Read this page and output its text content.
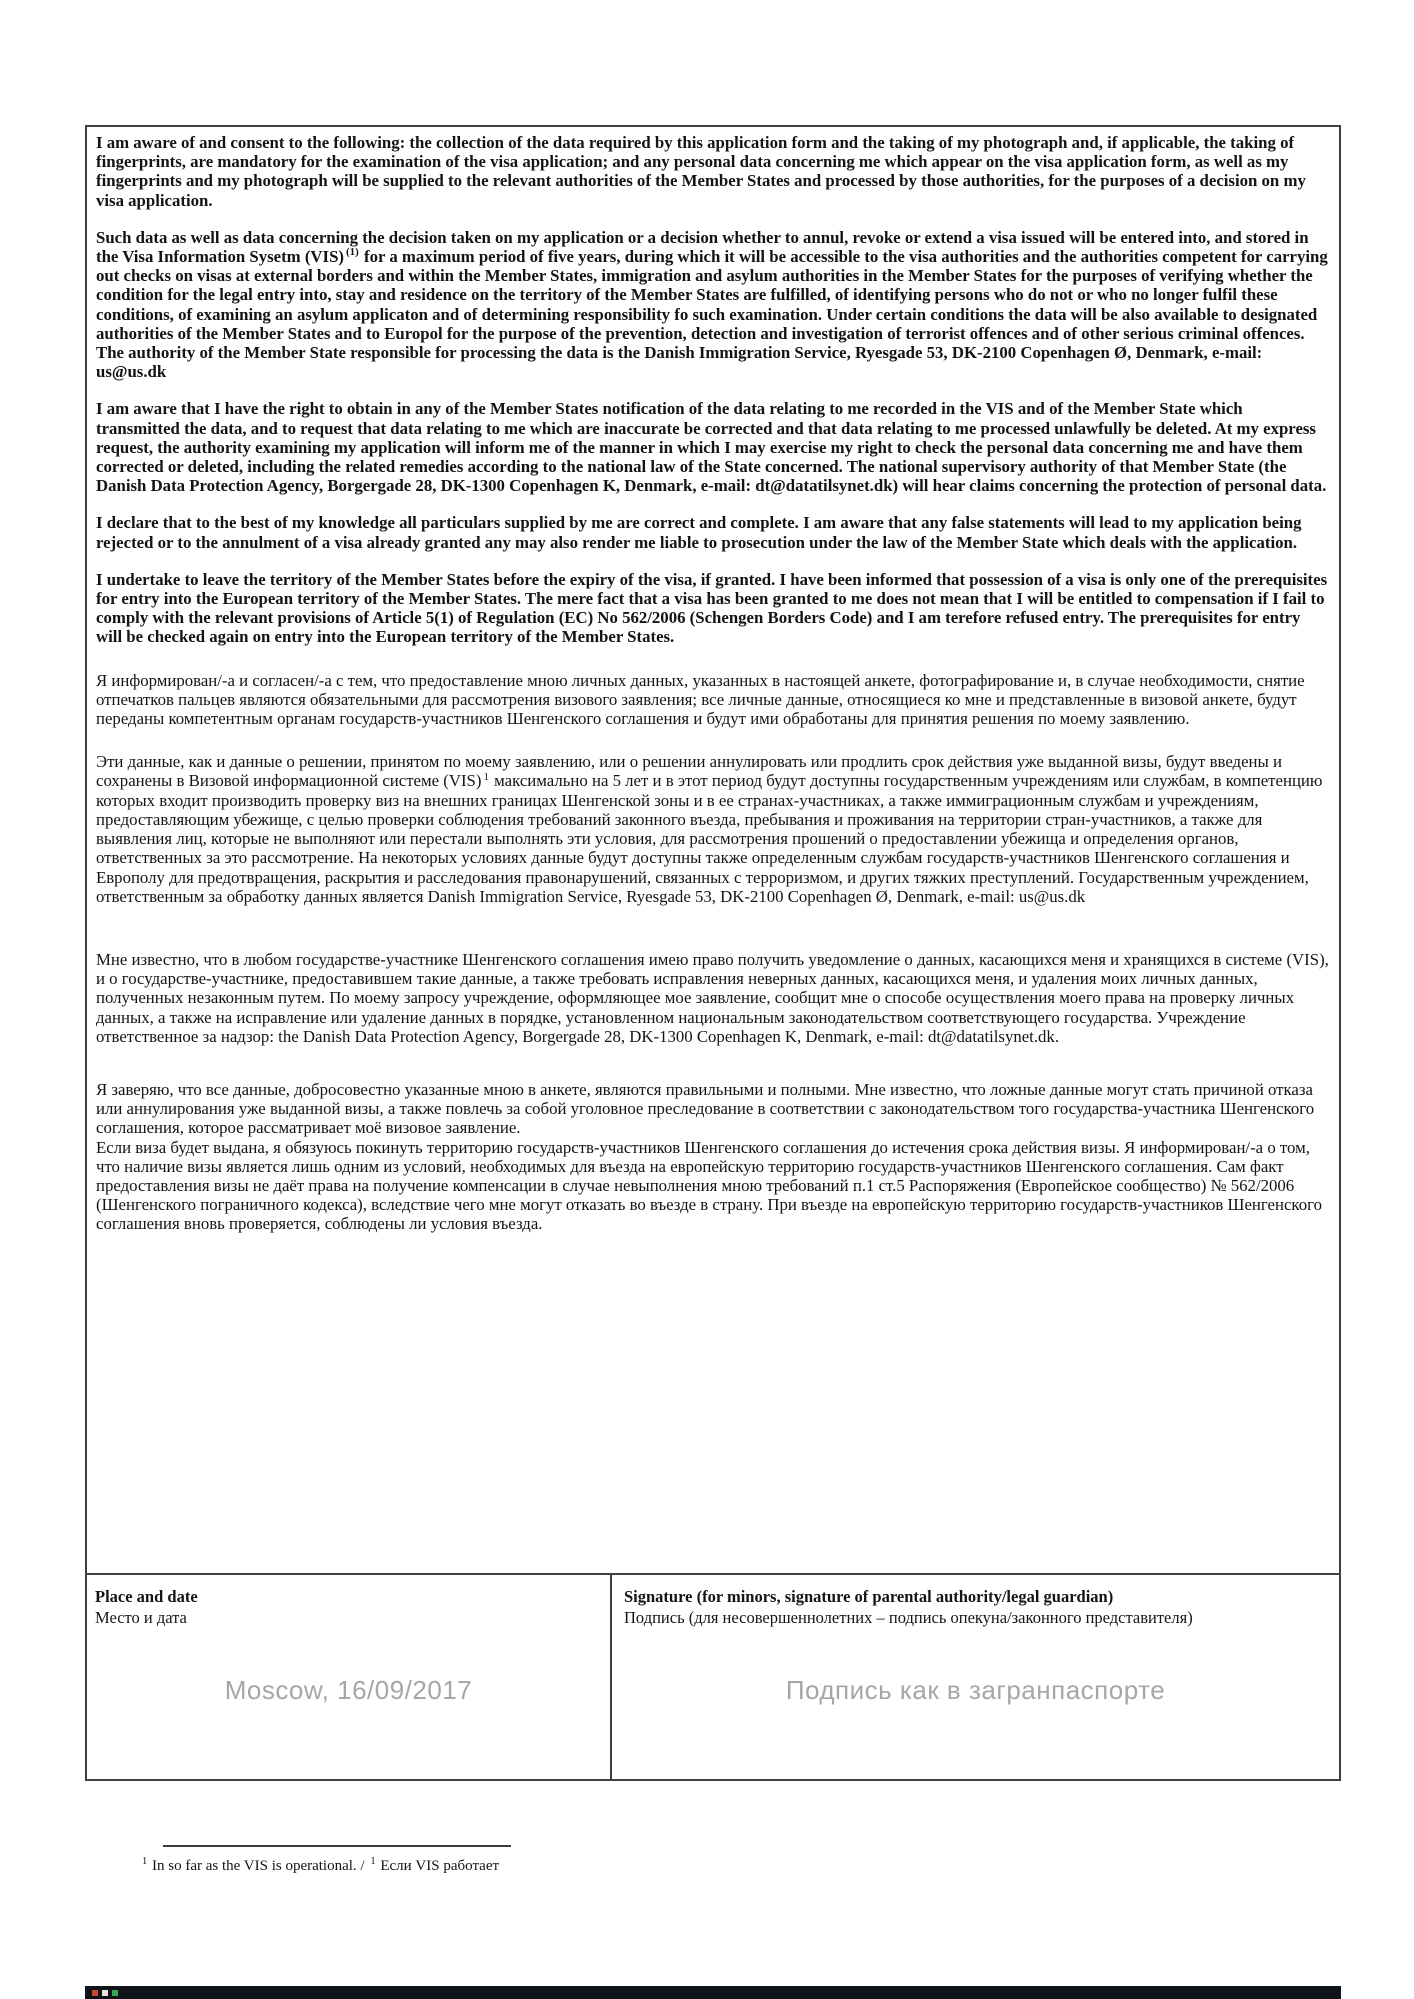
I am aware of and consent to the following: the collection of the data required by this application form and the taking of my photograph and, if applicable, the taking of fingerprints, are mandatory for the examination of the visa application; and any personal data concerning me which appear on the visa application form, as well as my fingerprints and my photograph will be supplied to the relevant authorities of the Member States and processed by those authorities, for the purposes of a decision on my visa application.

Such data as well as data concerning the decision taken on my application or a decision whether to annul, revoke or extend a visa issued will be entered into, and stored in the Visa Information Sysetm (VIS) $^{(1)}$ for a maximum period of five years, during which it will be accessible to the visa authorities and the authorities competent for carrying out checks on visas at external borders and within the Member States, immigration and asylum authorities in the Member States for the purposes of verifying whether the condition for the legal entry into, stay and residence on the territory of the Member States are fulfilled, of identifying persons who do not or who no longer fulfil these conditions, of examining an asylum applicaton and of determining responsibility fo such examination. Under certain conditions the data will be also available to designated authorities of the Member States and to Europol for the purpose of the prevention, detection and investigation of terrorist offences and of other serious criminal offences. The authority of the Member State responsible for processing the data is the Danish Immigration Service, Ryesgade 53, DK-2100 Copenhagen Ø, Denmark, e-mail: us@us.dk

I am aware that I have the right to obtain in any of the Member States notification of the data relating to me recorded in the VIS and of the Member State which transmitted the data, and to request that data relating to me which are inaccurate be corrected and that data relating to me processed unlawfully be deleted. At my express request, the authority examining my application will inform me of the manner in which I may exercise my right to check the personal data concerning me and have them corrected or deleted, including the related remedies according to the national law of the State concerned. The national supervisory authority of that Member State (the Danish Data Protection Agency, Borgergade 28, DK-1300 Copenhagen K, Denmark, e-mail: dt@datatilsynet.dk) will hear claims concerning the protection of personal data.

I declare that to the best of my knowledge all particulars supplied by me are correct and complete. I am aware that any false statements will lead to my application being rejected or to the annulment of a visa already granted any may also render me liable to prosecution under the law of the Member State which deals with the application.

I undertake to leave the territory of the Member States before the expiry of the visa, if granted. I have been informed that possession of a visa is only one of the prerequisites for entry into the European territory of the Member States. The mere fact that a visa has been granted to me does not mean that I will be entitled to compensation if I fail to comply with the relevant provisions of Article 5(1) of Regulation (EC) No 562/2006 (Schengen Borders Code) and I am terefore refused entry. The prerequisites for entry will be checked again on entry into the European territory of the Member States.

Я информирован/-а и согласен/-а с тем, что предоставление мною личных данных, указанных в настоящей анкете, фотографирование и, в случае необходимости, снятие отпечатков пальцев являются обязательными для рассмотрения визового заявления; все личные данные, относящиеся ко мне и представленные в визовой анкете, будут переданы компетентным органам государств-участников Шенгенского соглашения и будут ими обработаны для принятия решения по моему заявлению.

Эти данные, как и данные о решении, принятом по моему заявлению, или о решении аннулировать или продлить срок действия уже выданной визы, будут введены и сохранены в Визовой информационной системе (VIS) $^1$ максимально на 5 лет и в этот период будут доступны государственным учреждениям или службам, в компетенцию которых входит производить проверку виз на внешних границах Шенгенской зоны и в ее странах-участниках, а также иммиграционным службам и учреждениям, предоставляющим убежище, с целью проверки соблюдения требований законного въезда, пребывания и проживания на территории стран-участников, а также для выявления лиц, которые не выполняют или перестали выполнять эти условия, для рассмотрения прошений о предоставлении убежища и определения органов, ответственных за это рассмотрение. На некоторых условиях данные будут доступны также определенным службам государств-участников Шенгенского соглашения и Европолу для предотвращения, раскрытия и расследования правонарушений, связанных с терроризмом, и других тяжких преступлений. Государственным учреждением, ответственным за обработку данных является Danish Immigration Service, Ryesgade 53, DK-2100 Copenhagen Ø, Denmark, e-mail: us@us.dk

Мне известно, что в любом государстве-участнике Шенгенского соглашения имею право получить уведомление о данных, касающихся меня и хранящихся в системе (VIS), и о государстве-участнике, предоставившем такие данные, а также требовать исправления неверных данных, касающихся меня, и удаления моих личных данных, полученных незаконным путем. По моему запросу учреждение, оформляющее мое заявление, сообщит мне о способе осуществления моего права на проверку личных данных, а также на исправление или удаление данных в порядке, установленном национальным законодательством соответствующего государства. Учреждение ответственное за надзор: the Danish Data Protection Agency, Borgergade 28, DK-1300 Copenhagen K, Denmark, e-mail: dt@datatilsynet.dk.

Я заверяю, что все данные, добросовестно указанные мною в анкете, являются правильными и полными. Мне известно, что ложные данные могут стать причиной отказа или аннулирования уже выданной визы, а также повлечь за собой уголовное преследование в соответствии с законодательством того государства-участника Шенгенского соглашения, которое рассматривает моё визовое заявление.

Если виза будет выдана, я обязуюсь покинуть территорию государств-участников Шенгенского соглашения до истечения срока действия визы. Я информирован/-а о том, что наличие визы является лишь одним из условий, необходимых для въезда на европейскую территорию государств-участников Шенгенского соглашения. Сам факт предоставления визы не даёт права на получение компенсации в случае невыполнения мною требований п.1 ст.5 Распоряжения (Европейское сообщество) № 562/2006 (Шенгенского пограничного кодекса), вследствие чего мне могут отказать во въезде в страну. При въезде на европейскую территорию государств-участников Шенгенского соглашения вновь проверяется, соблюдены ли условия въезда.

Place and date
Место и дата
Moscow, 16/09/2017
Signature (for minors, signature of parental authority/legal guardian)
Подпись (для несовершеннолетних – подпись опекуна/законного представителя)
Подпись как в загранпаспорте
$^1$ In so far as the VIS is operational. / $^1$ Если VIS работает
